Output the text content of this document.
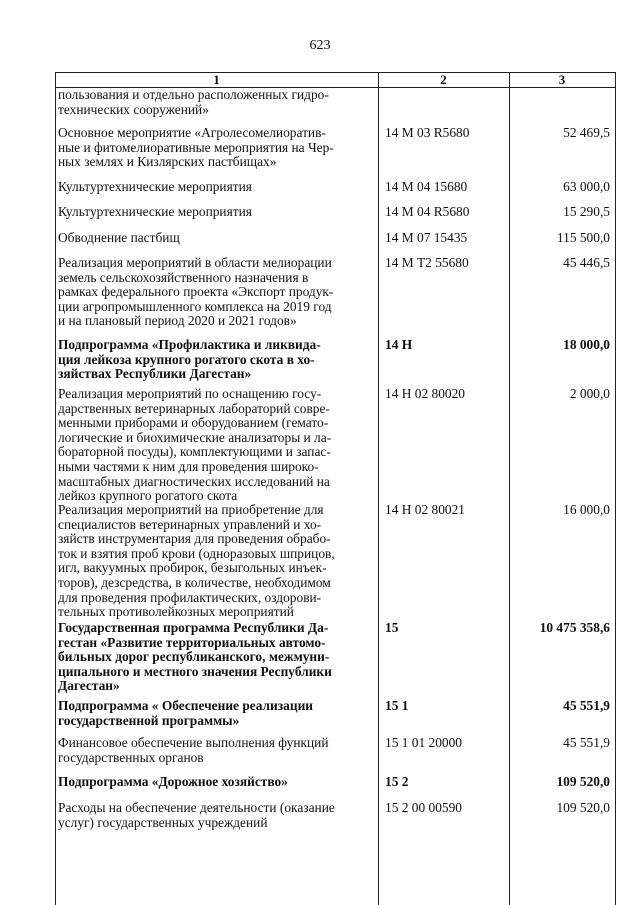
623
1	2	3
пользования и отдельно расположенных гидро-
технических сооружений»
Основное мероприятие «Агролесомелиоратив-
ные и фитомелиоративные мероприятия на Чер-
ных землях и Кизлярских пастбищах»
14 М 03 R5680	52 469,5
Культуртехнические мероприятия	14 М 04 15680	63 000,0
Культуртехнические мероприятия	14 М 04 R5680	15 290,5
Обводнение пастбищ	14 М 07 15435	115 500,0
Реализация мероприятий в области мелиорации
земель сельскохозяйственного назначения в
рамках федерального проекта «Экспорт продук-
ции агропромышленного комплекса на 2019 год
и на плановый период 2020 и 2021 годов»
14 М Т2 55680	45 446,5
Подпрограмма «Профилактика и ликвида-
ция лейкоза крупного рогатого скота в хо-
зяйствах Республики Дагестан»
14 Н	18 000,0
Реализация мероприятий по оснащению госу-
дарственных ветеринарных лабораторий совре-
менными приборами и оборудованием (гемато-
логические и биохимические анализаторы и ла-
бораторной посуды), комплектующими и запас-
ными частями к ним для проведения широко-
масштабных диагностических исследований на
лейкоз крупного рогатого скота
14 Н 02 80020	2 000,0
Реализация мероприятий на приобретение для
специалистов ветеринарных управлений и хо-
зяйств инструментария для проведения обрабо-
ток и взятия проб крови (одноразовых шприцов,
игл, вакуумных пробирок, безыгольных инъек-
торов), дезсредства, в количестве, необходимом
для проведения профилактических, оздорови-
тельных противолейкозных мероприятий
14 Н 02 80021	16 000,0
Государственная программа Республики Да-
гестан «Развитие территориальных автомо-
бильных дорог республиканского, межмуни-
ципального и местного значения Республики
Дагестан»
15	10 475 358,6
Подпрограмма « Обеспечение реализации
государственной программы»
15 1	45 551,9
Финансовое обеспечение выполнения функций
государственных органов
15 1 01 20000	45 551,9
Подпрограмма «Дорожное хозяйство»	15 2	109 520,0
Расходы на обеспечение деятельности (оказание
услуг) государственных учреждений
15 2 00 00590	109 520,0
